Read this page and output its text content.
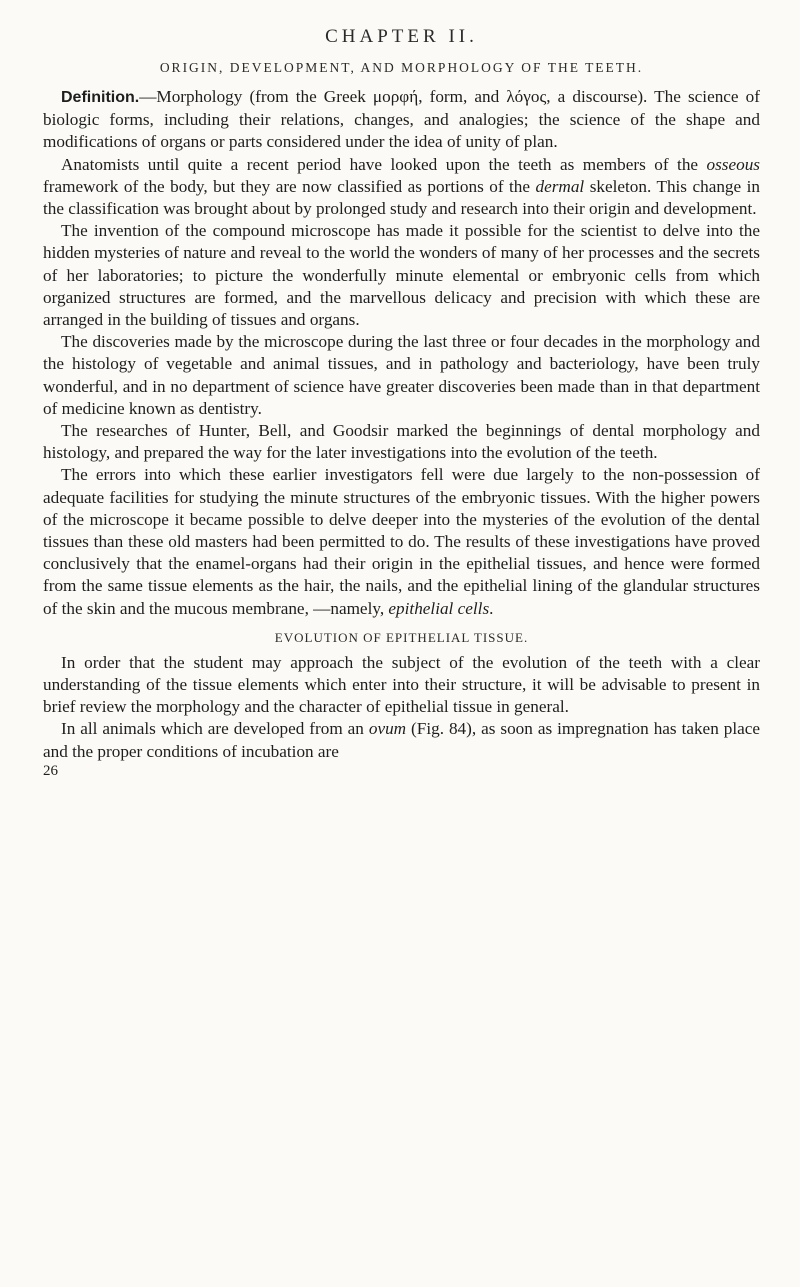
CHAPTER II.
ORIGIN, DEVELOPMENT, AND MORPHOLOGY OF THE TEETH.

Definition.—Morphology (from the Greek μορφή, form, and λόγος, a discourse). The science of biologic forms, including their relations, changes, and analogies; the science of the shape and modifications of organs or parts considered under the idea of unity of plan.

Anatomists until quite a recent period have looked upon the teeth as members of the osseous framework of the body, but they are now classified as portions of the dermal skeleton. This change in the classification was brought about by prolonged study and research into their origin and development.

The invention of the compound microscope has made it possible for the scientist to delve into the hidden mysteries of nature and reveal to the world the wonders of many of her processes and the secrets of her laboratories; to picture the wonderfully minute elemental or embryonic cells from which organized structures are formed, and the marvellous delicacy and precision with which these are arranged in the building of tissues and organs.

The discoveries made by the microscope during the last three or four decades in the morphology and the histology of vegetable and animal tissues, and in pathology and bacteriology, have been truly wonderful, and in no department of science have greater discoveries been made than in that department of medicine known as dentistry.

The researches of Hunter, Bell, and Goodsir marked the beginnings of dental morphology and histology, and prepared the way for the later investigations into the evolution of the teeth.

The errors into which these earlier investigators fell were due largely to the non-possession of adequate facilities for studying the minute structures of the embryonic tissues. With the higher powers of the microscope it became possible to delve deeper into the mysteries of the evolution of the dental tissues than these old masters had been permitted to do. The results of these investigations have proved conclusively that the enamel-organs had their origin in the epithelial tissues, and hence were formed from the same tissue elements as the hair, the nails, and the epithelial lining of the glandular structures of the skin and the mucous membrane, —namely, epithelial cells.

EVOLUTION OF EPITHELIAL TISSUE.

In order that the student may approach the subject of the evolution of the teeth with a clear understanding of the tissue elements which enter into their structure, it will be advisable to present in brief review the morphology and the character of epithelial tissue in general.

In all animals which are developed from an ovum (Fig. 84), as soon as impregnation has taken place and the proper conditions of incubation are

26
